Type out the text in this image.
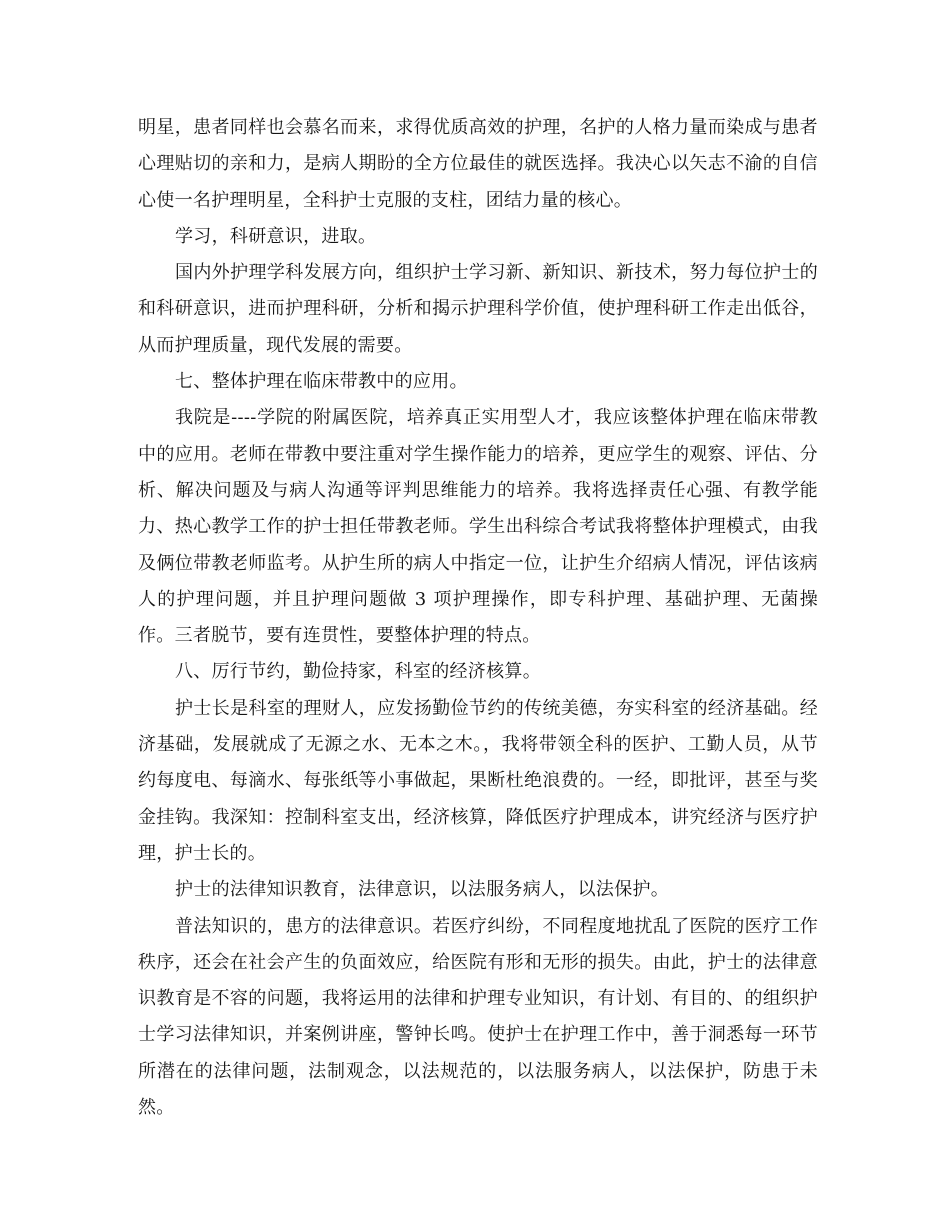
明星，患者同样也会慕名而来，求得优质高效的护理，名护的人格力量而染成与患者心理贴切的亲和力，是病人期盼的全方位最佳的就医选择。我决心以矢志不渝的自信心使一名护理明星，全科护士克服的支柱，团结力量的核心。

学习，科研意识，进取。

国内外护理学科发展方向，组织护士学习新、新知识、新技术，努力每位护士的和科研意识，进而护理科研，分析和揭示护理科学价值，使护理科研工作走出低谷，从而护理质量，现代发展的需要。

七、整体护理在临床带教中的应用。

我院是----学院的附属医院，培养真正实用型人才，我应该整体护理在临床带教中的应用。老师在带教中要注重对学生操作能力的培养，更应学生的观察、评估、分析、解决问题及与病人沟通等评判思维能力的培养。我将选择责任心强、有教学能力、热心教学工作的护士担任带教老师。学生出科综合考试我将整体护理模式，由我及俩位带教老师监考。从护生所的病人中指定一位，让护生介绍病人情况，评估该病人的护理问题，并且护理问题做 3 项护理操作，即专科护理、基础护理、无菌操作。三者脱节，要有连贯性，要整体护理的特点。

八、厉行节约，勤俭持家，科室的经济核算。

护士长是科室的理财人，应发扬勤俭节约的传统美德，夯实科室的经济基础。经济基础，发展就成了无源之水、无本之木。，我将带领全科的医护、工勤人员，从节约每度电、每滴水、每张纸等小事做起，果断杜绝浪费的。一经，即批评，甚至与奖金挂钩。我深知：控制科室支出，经济核算，降低医疗护理成本，讲究经济与医疗护理，护士长的。

护士的法律知识教育，法律意识，以法服务病人，以法保护。

普法知识的，患方的法律意识。若医疗纠纷，不同程度地扰乱了医院的医疗工作秩序，还会在社会产生的负面效应，给医院有形和无形的损失。由此，护士的法律意识教育是不容的问题，我将运用的法律和护理专业知识，有计划、有目的、的组织护士学习法律知识，并案例讲座，警钟长鸣。使护士在护理工作中，善于洞悉每一环节所潜在的法律问题，法制观念，以法规范的，以法服务病人，以法保护，防患于未然。
